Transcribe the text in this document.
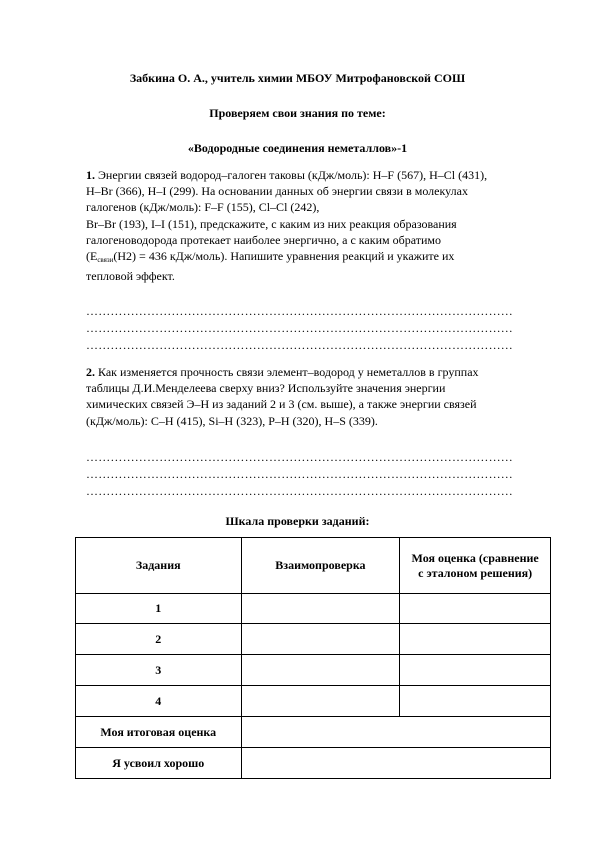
Забкина О. А., учитель химии МБОУ Митрофановской СОШ
Проверяем свои знания по теме:
«Водородные соединения неметаллов»-1
1. Энергии связей водород–галоген таковы (кДж/моль): H–F (567), H–Cl (431),
H–Br (366), H–I (299). На основании данных об энергии связи в молекулах
галогенов (кДж/моль): F–F (155), Cl–Cl (242),
Br–Br (193), I–I (151), предскажите, с каким из них реакция образования
галогеноводорода протекает наиболее энергично, а с каким обратимо
($E_{связи}(H2) = 436$ кДж/моль). Напишите уравнения реакций и укажите их
тепловой эффект.
……………………………………………………………………………………………
……………………………………………………………………………………………
……………………………………………………………………………………………
2. Как изменяется прочность связи элемент–водород у неметаллов в группах
таблицы Д.И.Менделеева сверху вниз? Используйте значения энергии
химических связей Э–H из заданий 2 и 3 (см. выше), а также энергии связей
(кДж/моль): C–H (415), Si–H (323), P–H (320), H–S (339).
……………………………………………………………………………………………
……………………………………………………………………………………………
……………………………………………………………………………………………
Шкала проверки заданий:
Задания	Взаимопроверка	Моя оценка (сравнение
с эталоном решения)

1		
2		
3		
4		
Моя итоговая оценка		
Я усвоил хорошо		
